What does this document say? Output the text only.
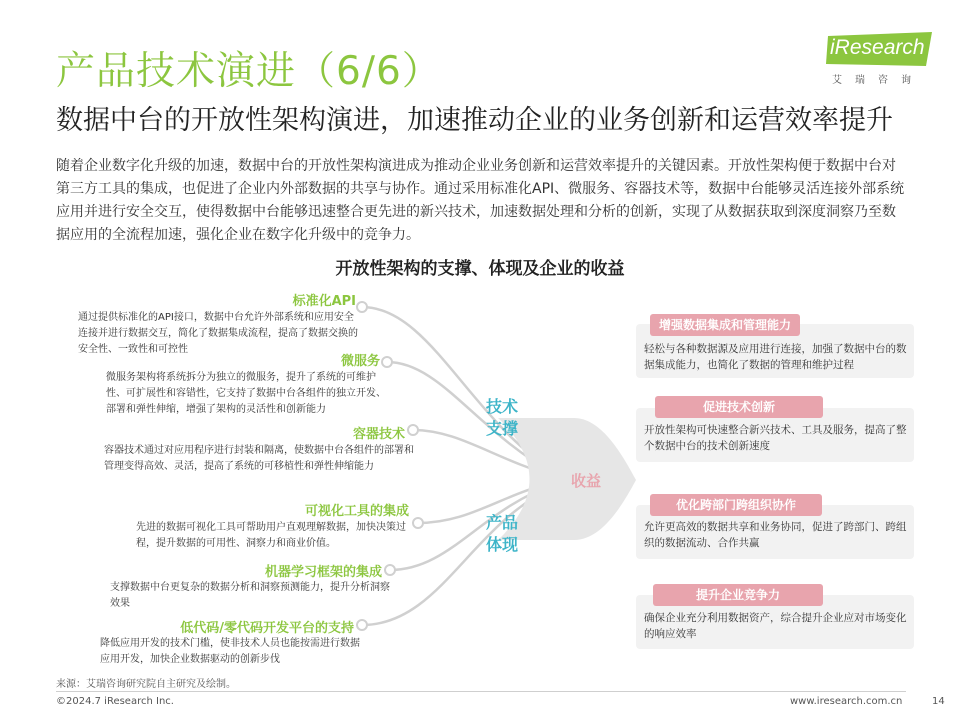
产品技术演进（6/6）
数据中台的开放性架构演进，加速推动企业的业务创新和运营效率提升
iResearch
艾瑞咨询
随着企业数字化升级的加速，数据中台的开放性架构演进成为推动企业业务创新和运营效率提升的关键因素。开放性架构便于数据中台对第三方工具的集成，也促进了企业内外部数据的共享与协作。通过采用标准化API、微服务、容器技术等，数据中台能够灵活连接外部系统应用并进行安全交互，使得数据中台能够迅速整合更先进的新兴技术，加速数据处理和分析的创新，实现了从数据获取到深度洞察乃至数据应用的全流程加速，强化企业在数字化升级中的竞争力。
开放性架构的支撑、体现及企业的收益
技术
支撑
产品
体现
收益
标准化API
通过提供标准化的API接口，数据中台允许外部系统和应用安全连接并进行数据交互，简化了数据集成流程，提高了数据交换的安全性、一致性和可控性
微服务
微服务架构将系统拆分为独立的微服务，提升了系统的可维护性、可扩展性和容错性，它支持了数据中台各组件的独立开发、部署和弹性伸缩，增强了架构的灵活性和创新能力
容器技术
容器技术通过对应用程序进行封装和隔离，使数据中台各组件的部署和管理变得高效、灵活，提高了系统的可移植性和弹性伸缩能力
可视化工具的集成
先进的数据可视化工具可帮助用户直观理解数据，加快决策过程，提升数据的可用性、洞察力和商业价值。
机器学习框架的集成
支撑数据中台更复杂的数据分析和洞察预测能力，提升分析洞察效果
低代码/零代码开发平台的支持
降低应用开发的技术门槛，使非技术人员也能按需进行数据应用开发，加快企业数据驱动的创新步伐
轻松与各种数据源及应用进行连接，加强了数据中台的数据集成能力，也简化了数据的管理和维护过程
增强数据集成和管理能力
开放性架构可快速整合新兴技术、工具及服务，提高了整个数据中台的技术创新速度
促进技术创新
允许更高效的数据共享和业务协同，促进了跨部门、跨组织的数据流动、合作共赢
优化跨部门跨组织协作
确保企业充分利用数据资产，综合提升企业应对市场变化的响应效率
提升企业竞争力
来源：艾瑞咨询研究院自主研究及绘制。
©2024.7 iResearch Inc.	www.iresearch.com.cn	14
